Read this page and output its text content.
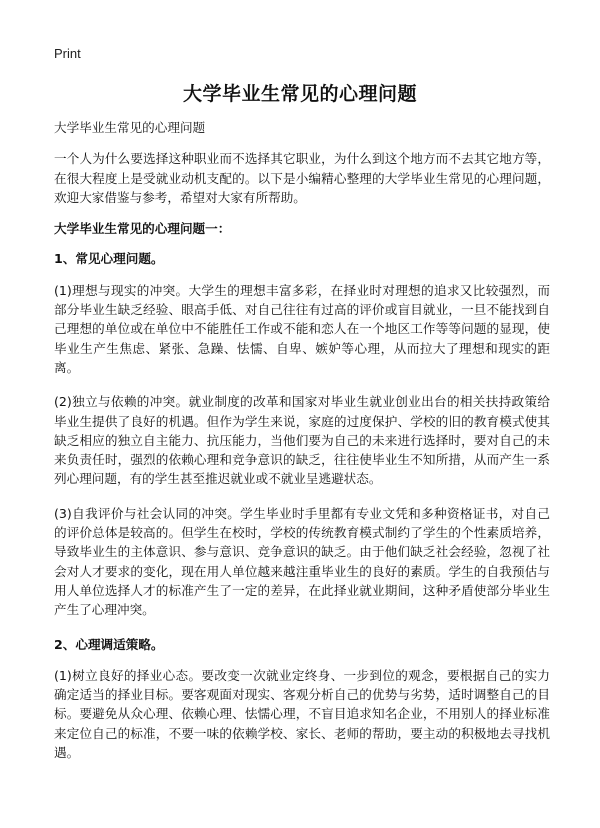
Print
大学毕业生常见的心理问题

大学毕业生常见的心理问题

一个人为什么要选择这种职业而不选择其它职业，为什么到这个地方而不去其它地方等，在很大程度上是受就业动机支配的。以下是小编精心整理的大学毕业生常见的心理问题，欢迎大家借鉴与参考，希望对大家有所帮助。

大学毕业生常见的心理问题一：

1、常见心理问题。

(1)理想与现实的冲突。大学生的理想丰富多彩，在择业时对理想的追求又比较强烈，而部分毕业生缺乏经验、眼高手低、对自己往往有过高的评价或盲目就业，一旦不能找到自己理想的单位或在单位中不能胜任工作或不能和恋人在一个地区工作等等问题的显现，使毕业生产生焦虑、紧张、急躁、怯懦、自卑、嫉妒等心理，从而拉大了理想和现实的距离。

(2)独立与依赖的冲突。就业制度的改革和国家对毕业生就业创业出台的相关扶持政策给毕业生提供了良好的机遇。但作为学生来说，家庭的过度保护、学校的旧的教育模式使其缺乏相应的独立自主能力、抗压能力，当他们要为自己的未来进行选择时，要对自己的未来负责任时，强烈的依赖心理和竞争意识的缺乏，往往使毕业生不知所措，从而产生一系列心理问题，有的学生甚至推迟就业或不就业呈逃避状态。

(3)自我评价与社会认同的冲突。学生毕业时手里都有专业文凭和多种资格证书，对自己的评价总体是较高的。但学生在校时，学校的传统教育模式制约了学生的个性素质培养，导致毕业生的主体意识、参与意识、竞争意识的缺乏。由于他们缺乏社会经验，忽视了社会对人才要求的变化，现在用人单位越来越注重毕业生的良好的素质。学生的自我预估与用人单位选择人才的标准产生了一定的差异，在此择业就业期间，这种矛盾使部分毕业生产生了心理冲突。

2、心理调适策略。

(1)树立良好的择业心态。要改变一次就业定终身、一步到位的观念，要根据自己的实力确定适当的择业目标。要客观面对现实、客观分析自己的优势与劣势，适时调整自己的目标。要避免从众心理、依赖心理、怯懦心理，不盲目追求知名企业，不用别人的择业标准来定位自己的标准，不要一味的依赖学校、家长、老师的帮助，要主动的积极地去寻找机遇。
